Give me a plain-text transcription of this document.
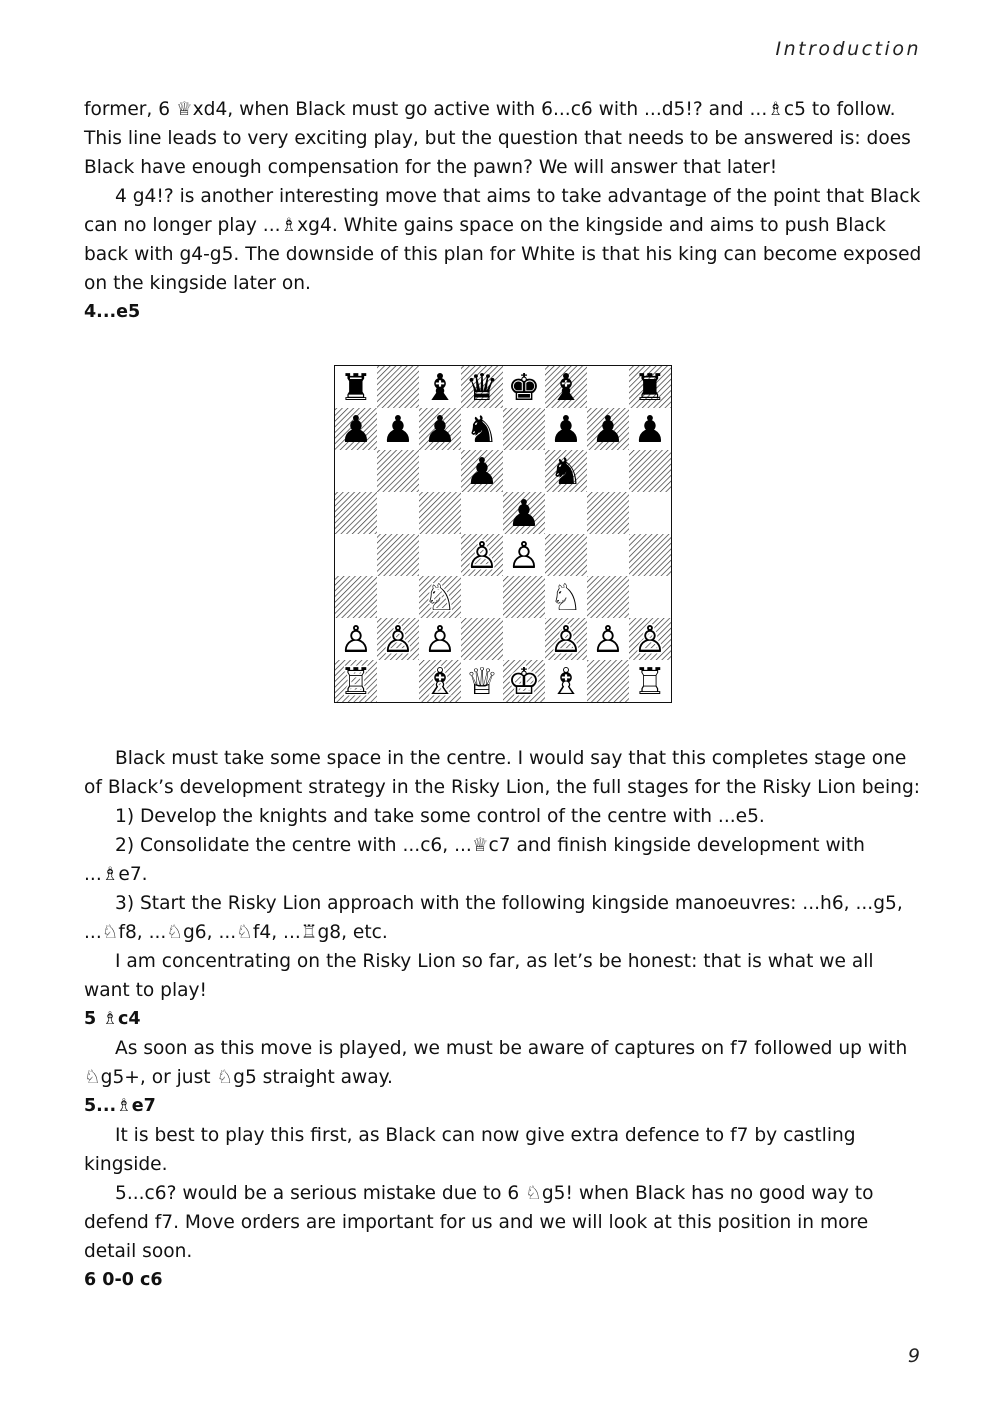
Introduction

former, 6 ♕xd4, when Black must go active with 6...c6 with ...d5!? and ...♗c5 to follow. This line leads to very exciting play, but the question that needs to be answered is: does Black have enough compensation for the pawn? We will answer that later!

4 g4!? is another interesting move that aims to take advantage of the point that Black can no longer play ...♗xg4. White gains space on the kingside and aims to push Black back with g4-g5. The downside of this plan for White is that his king can become exposed on the kingside later on.

4...e5

♜ ♝ ♛ ♚ ♝ ♜
♟ ♟ ♟ ♞ ♟ ♟ ♟
♟ ♞
♟
♙ ♙
♘	♘
♙ ♙ ♙	♙ ♙ ♙
♖ ♗ ♕ ♔ ♗ ♖

Black must take some space in the centre. I would say that this completes stage one of Black’s development strategy in the Risky Lion, the full stages for the Risky Lion being:

1) Develop the knights and take some control of the centre with ...e5.

2) Consolidate the centre with ...c6, ...♕c7 and finish kingside development with ...♗e7.

3) Start the Risky Lion approach with the following kingside manoeuvres: ...h6, ...g5, ...♘f8, ...♘g6, ...♘f4, ...♖g8, etc.

I am concentrating on the Risky Lion so far, as let’s be honest: that is what we all want to play!

5 ♗c4

As soon as this move is played, we must be aware of captures on f7 followed up with ♘g5+, or just ♘g5 straight away.

5...♗e7

It is best to play this first, as Black can now give extra defence to f7 by castling kingside.

5...c6? would be a serious mistake due to 6 ♘g5! when Black has no good way to defend f7. Move orders are important for us and we will look at this position in more detail soon.

6 0-0 c6

9
